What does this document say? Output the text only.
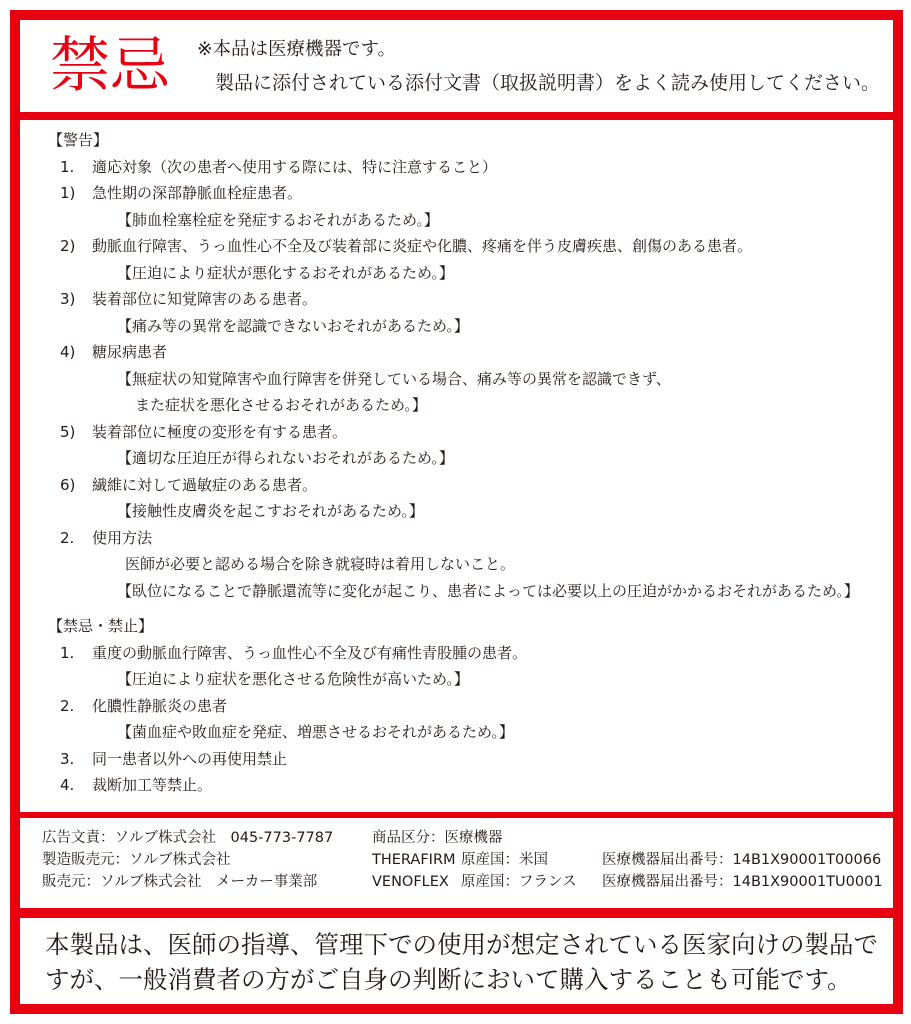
禁忌 ※本品は医療機器です。
製品に添付されている添付文書（取扱説明書）をよく読み使用してください。
【警告】
1. 適応対象（次の患者へ使用する際には、特に注意すること）
1) 急性期の深部静脈血栓症患者。
【肺血栓塞栓症を発症するおそれがあるため。】
2) 動脈血行障害、うっ血性心不全及び装着部に炎症や化膿、疼痛を伴う皮膚疾患、創傷のある患者。
【圧迫により症状が悪化するおそれがあるため。】
3) 装着部位に知覚障害のある患者。
【痛み等の異常を認識できないおそれがあるため。】
4) 糖尿病患者
【無症状の知覚障害や血行障害を併発している場合、痛み等の異常を認識できず、
また症状を悪化させるおそれがあるため。】
5) 装着部位に極度の変形を有する患者。
【適切な圧迫圧が得られないおそれがあるため。】
6) 繊維に対して過敏症のある患者。
【接触性皮膚炎を起こすおそれがあるため。】
2. 使用方法
医師が必要と認める場合を除き就寝時は着用しないこと。
【臥位になることで静脈還流等に変化が起こり、患者によっては必要以上の圧迫がかかるおそれがあるため。】
【禁忌・禁止】
1. 重度の動脈血行障害、うっ血性心不全及び有痛性青股腫の患者。
【圧迫により症状を悪化させる危険性が高いため。】
2. 化膿性静脈炎の患者
【菌血症や敗血症を発症、増悪させるおそれがあるため。】
3. 同一患者以外への再使用禁止
4. 裁断加工等禁止。
広告文責：ソルブ株式会社　045-773-7787	商品区分：医療機器
製造販売元：ソルブ株式会社	THERAFIRM 原産国：米国	医療機器届出番号：14B1X90001T00066
販売元：ソルブ株式会社　メーカー事業部	VENOFLEX 原産国：フランス 医療機器届出番号：14B1X90001TU0001
本製品は、医師の指導、管理下での使用が想定されている医家向けの製品で
すが、一般消費者の方がご自身の判断において購入することも可能です。
